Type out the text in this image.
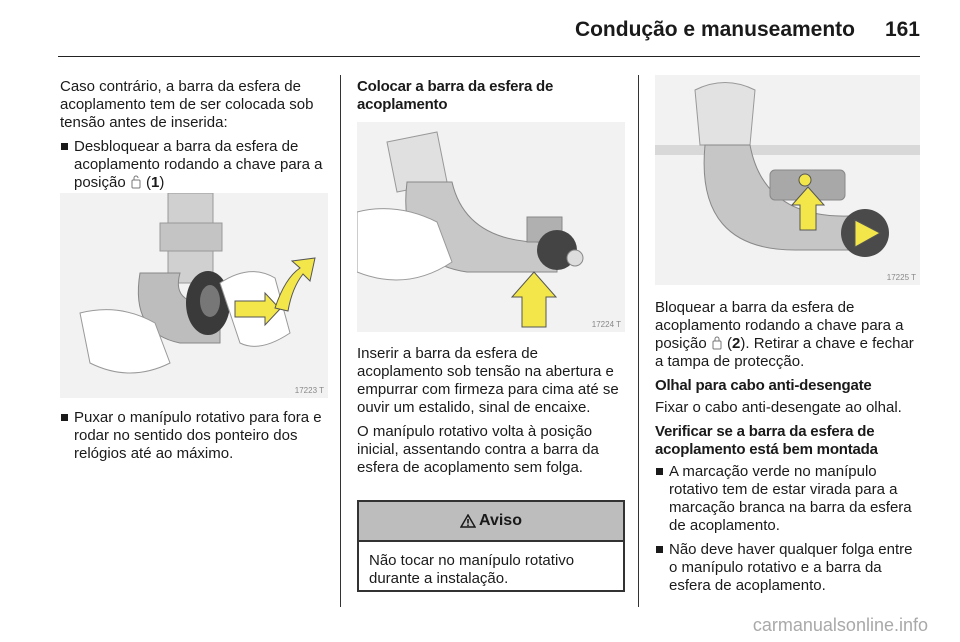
Condução e manuseamento 161

Caso contrário, a barra da esfera de acoplamento tem de ser colocada sob tensão antes de inserida:

Desbloquear a barra da esfera de acoplamento rodando a chave para a posição  (1)
17223 T
Puxar o manípulo rotativo para fora e rodar no sentido dos ponteiro dos relógios até ao máximo.
Colocar a barra da esfera de acoplamento
17224 T

Inserir a barra da esfera de acoplamento sob tensão na abertura e empurrar com firmeza para cima até se ouvir um estalido, sinal de encaixe.

O manípulo rotativo volta à posição inicial, assentando contra a barra da esfera de acoplamento sem folga.

Aviso
Não tocar no manípulo rotativo durante a instalação.
17225 T

Bloquear a barra da esfera de acoplamento rodando a chave para a posição  (2). Retirar a chave e fechar a tampa de protecção.

Olhal para cabo anti-desengate

Fixar o cabo anti-desengate ao olhal.

Verificar se a barra da esfera de acoplamento está bem montada
A marcação verde no manípulo rotativo tem de estar virada para a marcação branca na barra da esfera de acoplamento.
Não deve haver qualquer folga entre o manípulo rotativo e a barra da esfera de acoplamento.
carmanualsonline.info
